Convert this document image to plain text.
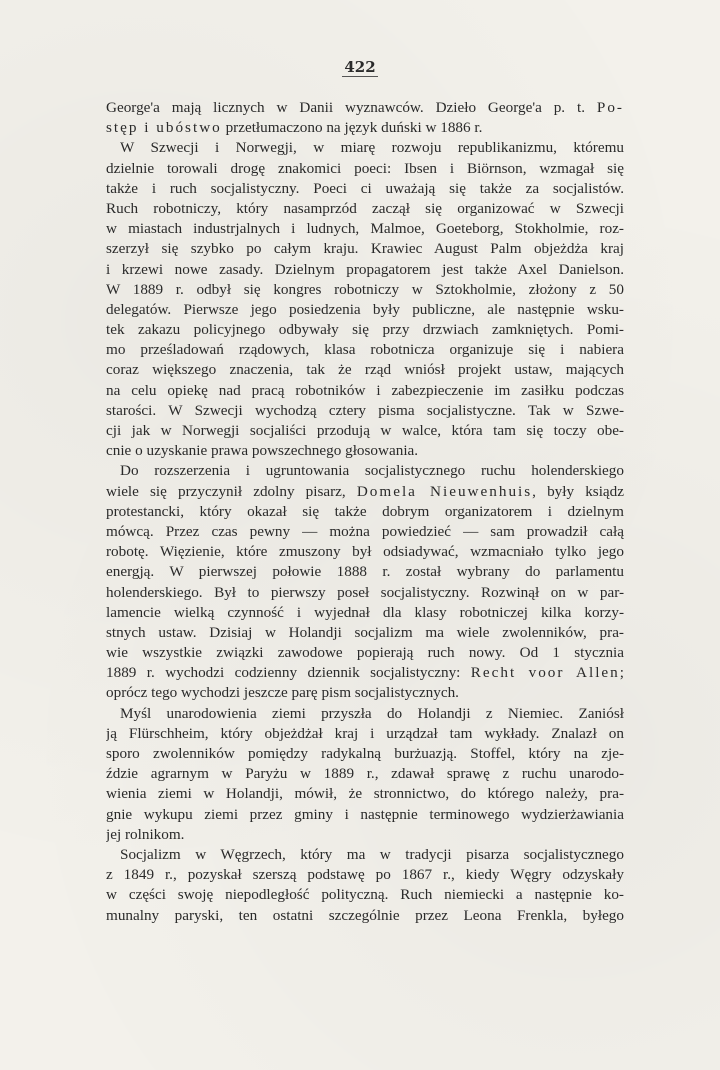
422
George'a mają licznych w Danii wyznawców. Dzieło George'a p. t. Po-
stęp i ubóstwo przetłumaczono na język duński w 1886 r.
W Szwecji i Norwegji, w miarę rozwoju republikanizmu, któremu
dzielnie torowali drogę znakomici poeci: Ibsen i Biörnson, wzmagał się
także i ruch socjalistyczny. Poeci ci uważają się także za socjalistów.
Ruch robotniczy, który nasamprzód zaczął się organizować w Szwecji
w miastach industrjalnych i ludnych, Malmoe, Goeteborg, Stokholmie, roz-
szerzył się szybko po całym kraju. Krawiec August Palm objeżdża kraj
i krzewi nowe zasady. Dzielnym propagatorem jest także Axel Danielson.
W 1889 r. odbył się kongres robotniczy w Sztokholmie, złożony z 50
delegatów. Pierwsze jego posiedzenia były publiczne, ale następnie wsku-
tek zakazu policyjnego odbywały się przy drzwiach zamkniętych. Pomi-
mo prześladowań rządowych, klasa robotnicza organizuje się i nabiera
coraz większego znaczenia, tak że rząd wniósł projekt ustaw, mających
na celu opiekę nad pracą robotników i zabezpieczenie im zasiłku podczas
starości. W Szwecji wychodzą cztery pisma socjalistyczne. Tak w Szwe-
cji jak w Norwegji socjaliści przodują w walce, która tam się toczy obe-
cnie o uzyskanie prawa powszechnego głosowania.
Do rozszerzenia i ugruntowania socjalistycznego ruchu holenderskiego
wiele się przyczynił zdolny pisarz, Domela Nieuwenhuis, były ksiądz
protestancki, który okazał się także dobrym organizatorem i dzielnym
mówcą. Przez czas pewny — można powiedzieć — sam prowadził całą
robotę. Więzienie, które zmuszony był odsiadywać, wzmacniało tylko jego
energją. W pierwszej połowie 1888 r. został wybrany do parlamentu
holenderskiego. Był to pierwszy poseł socjalistyczny. Rozwinął on w par-
lamencie wielką czynność i wyjednał dla klasy robotniczej kilka korzy-
stnych ustaw. Dzisiaj w Holandji socjalizm ma wiele zwolenników, pra-
wie wszystkie związki zawodowe popierają ruch nowy. Od 1 stycznia
1889 r. wychodzi codzienny dziennik socjalistyczny: Recht voor Allen;
oprócz tego wychodzi jeszcze parę pism socjalistycznych.
Myśl unarodowienia ziemi przyszła do Holandji z Niemiec. Zaniósł
ją Flürschheim, który objeżdżał kraj i urządzał tam wykłady. Znalazł on
sporo zwolenników pomiędzy radykalną burżuazją. Stoffel, który na zje-
ździe agrarnym w Paryżu w 1889 r., zdawał sprawę z ruchu unarodo-
wienia ziemi w Holandji, mówił, że stronnictwo, do którego należy, pra-
gnie wykupu ziemi przez gminy i następnie terminowego wydzierżawiania
jej rolnikom.
Socjalizm w Węgrzech, który ma w tradycji pisarza socjalistycznego
z 1849 r., pozyskał szerszą podstawę po 1867 r., kiedy Węgry odzyskały
w części swoję niepodległość polityczną. Ruch niemiecki a następnie ko-
munalny paryski, ten ostatni szczególnie przez Leona Frenkla, byłego
